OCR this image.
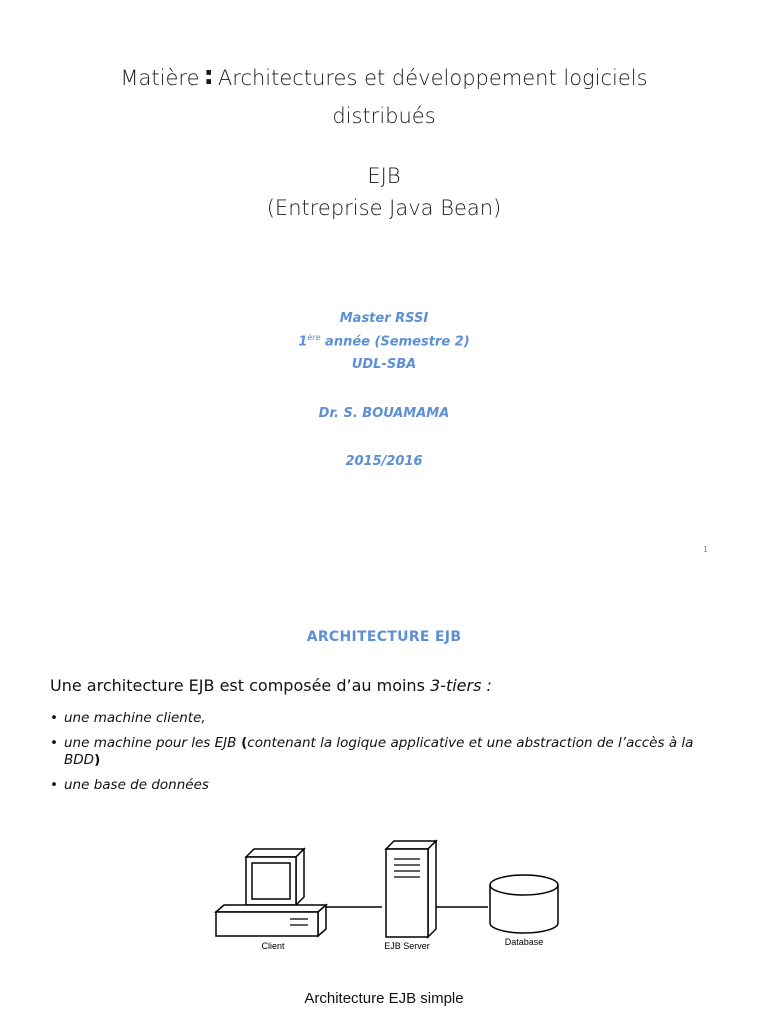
Matière : Architectures et développement logiciels
distribués
EJB
(Entreprise Java Bean)
Master RSSI
1ère année (Semestre 2)
UDL-SBA
Dr. S. BOUAMAMA
2015/2016
1
ARCHITECTURE EJB
Une architecture EJB est composée d’au moins 3-tiers :
• une machine cliente,
• une machine pour les EJB (contenant la logique applicative et une abstraction de l’accès à la BDD)
• une base de données
Client	EJB Server	Database
Architecture EJB simple
